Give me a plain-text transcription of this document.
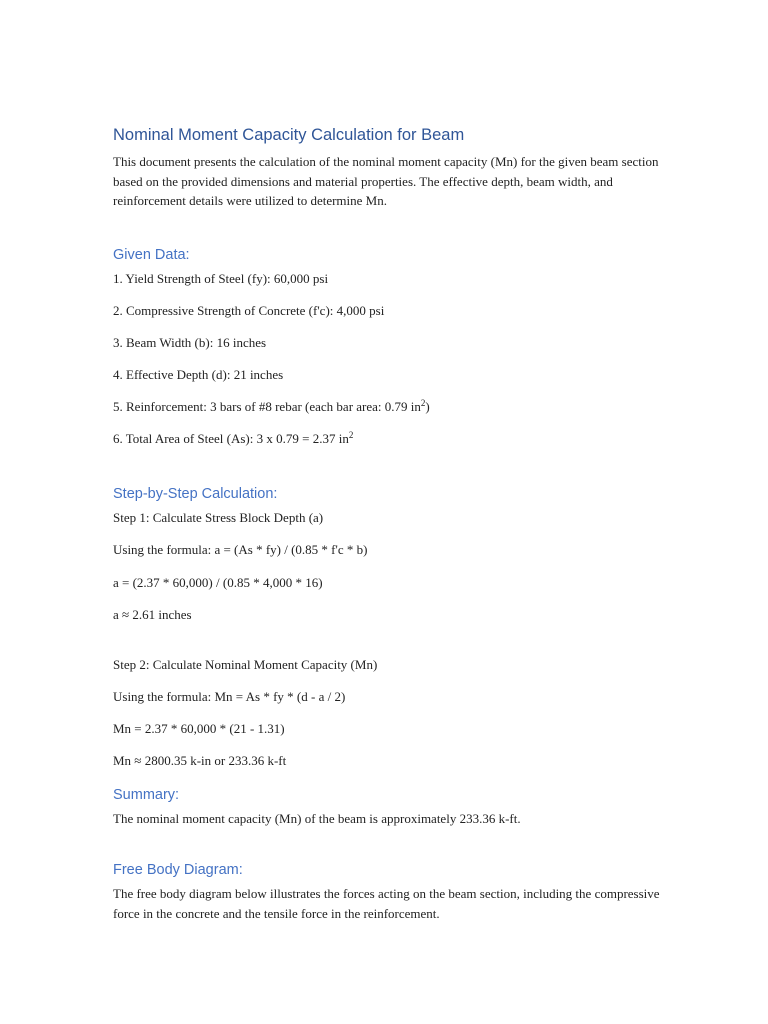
Nominal Moment Capacity Calculation for Beam

This document presents the calculation of the nominal moment capacity (Mn) for the given beam section based on the provided dimensions and material properties. The effective depth, beam width, and reinforcement details were utilized to determine Mn.

Given Data:

1. Yield Strength of Steel (fy): 60,000 psi

2. Compressive Strength of Concrete (f'c): 4,000 psi

3. Beam Width (b): 16 inches

4. Effective Depth (d): 21 inches

5. Reinforcement: 3 bars of #8 rebar (each bar area: 0.79 $in^2$)

6. Total Area of Steel (As): 3 x 0.79 = 2.37 $in^2$

Step-by-Step Calculation:

Step 1: Calculate Stress Block Depth (a)

Using the formula: a = (As * fy) / (0.85 * f'c * b)

a = (2.37 * 60,000) / (0.85 * 4,000 * 16)

a ≈ 2.61 inches

Step 2: Calculate Nominal Moment Capacity (Mn)

Using the formula: Mn = As * fy * (d - a / 2)

Mn = 2.37 * 60,000 * (21 - 1.31)

Mn ≈ 2800.35 k-in or 233.36 k-ft

Summary:

The nominal moment capacity (Mn) of the beam is approximately 233.36 k-ft.

Free Body Diagram:

The free body diagram below illustrates the forces acting on the beam section, including the compressive force in the concrete and the tensile force in the reinforcement.
